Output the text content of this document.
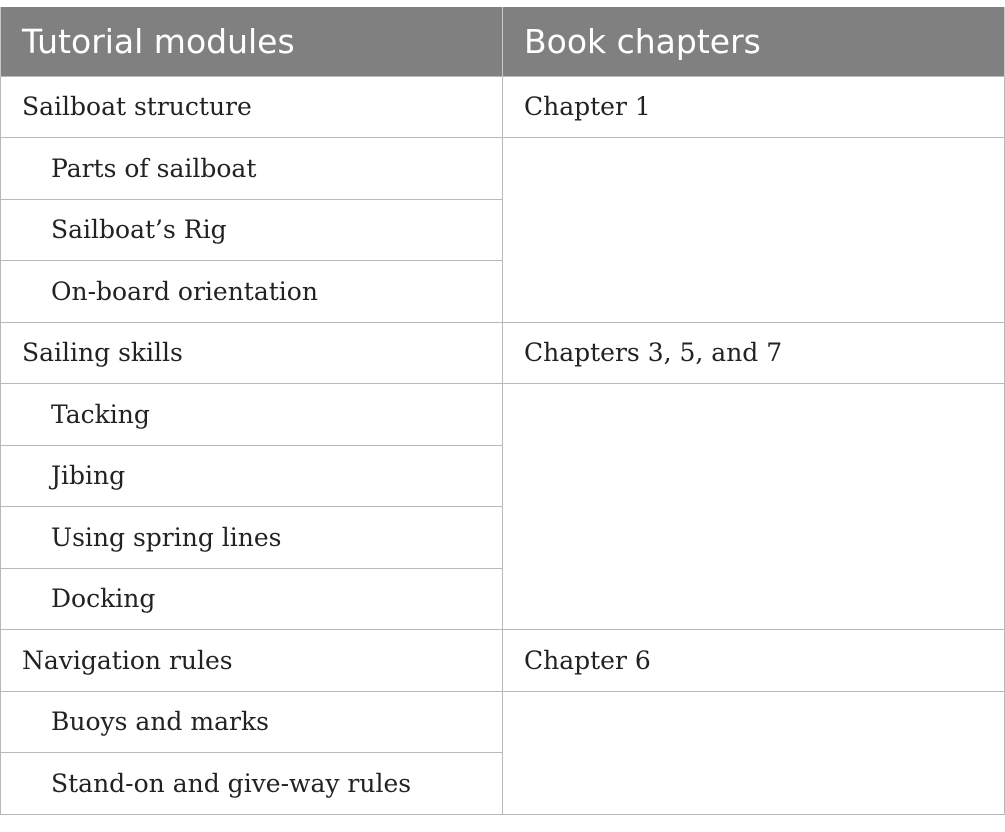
Tutorial modules	Book chapters
Sailboat structure	Chapter 1
Parts of sailboat	
Sailboat’s Rig	
On-board orientation	
Sailing skills	Chapters 3, 5, and 7
Tacking	
Jibing	
Using spring lines	
Docking	
Navigation rules	Chapter 6
Buoys and marks	
Stand-on and give-way rules	
